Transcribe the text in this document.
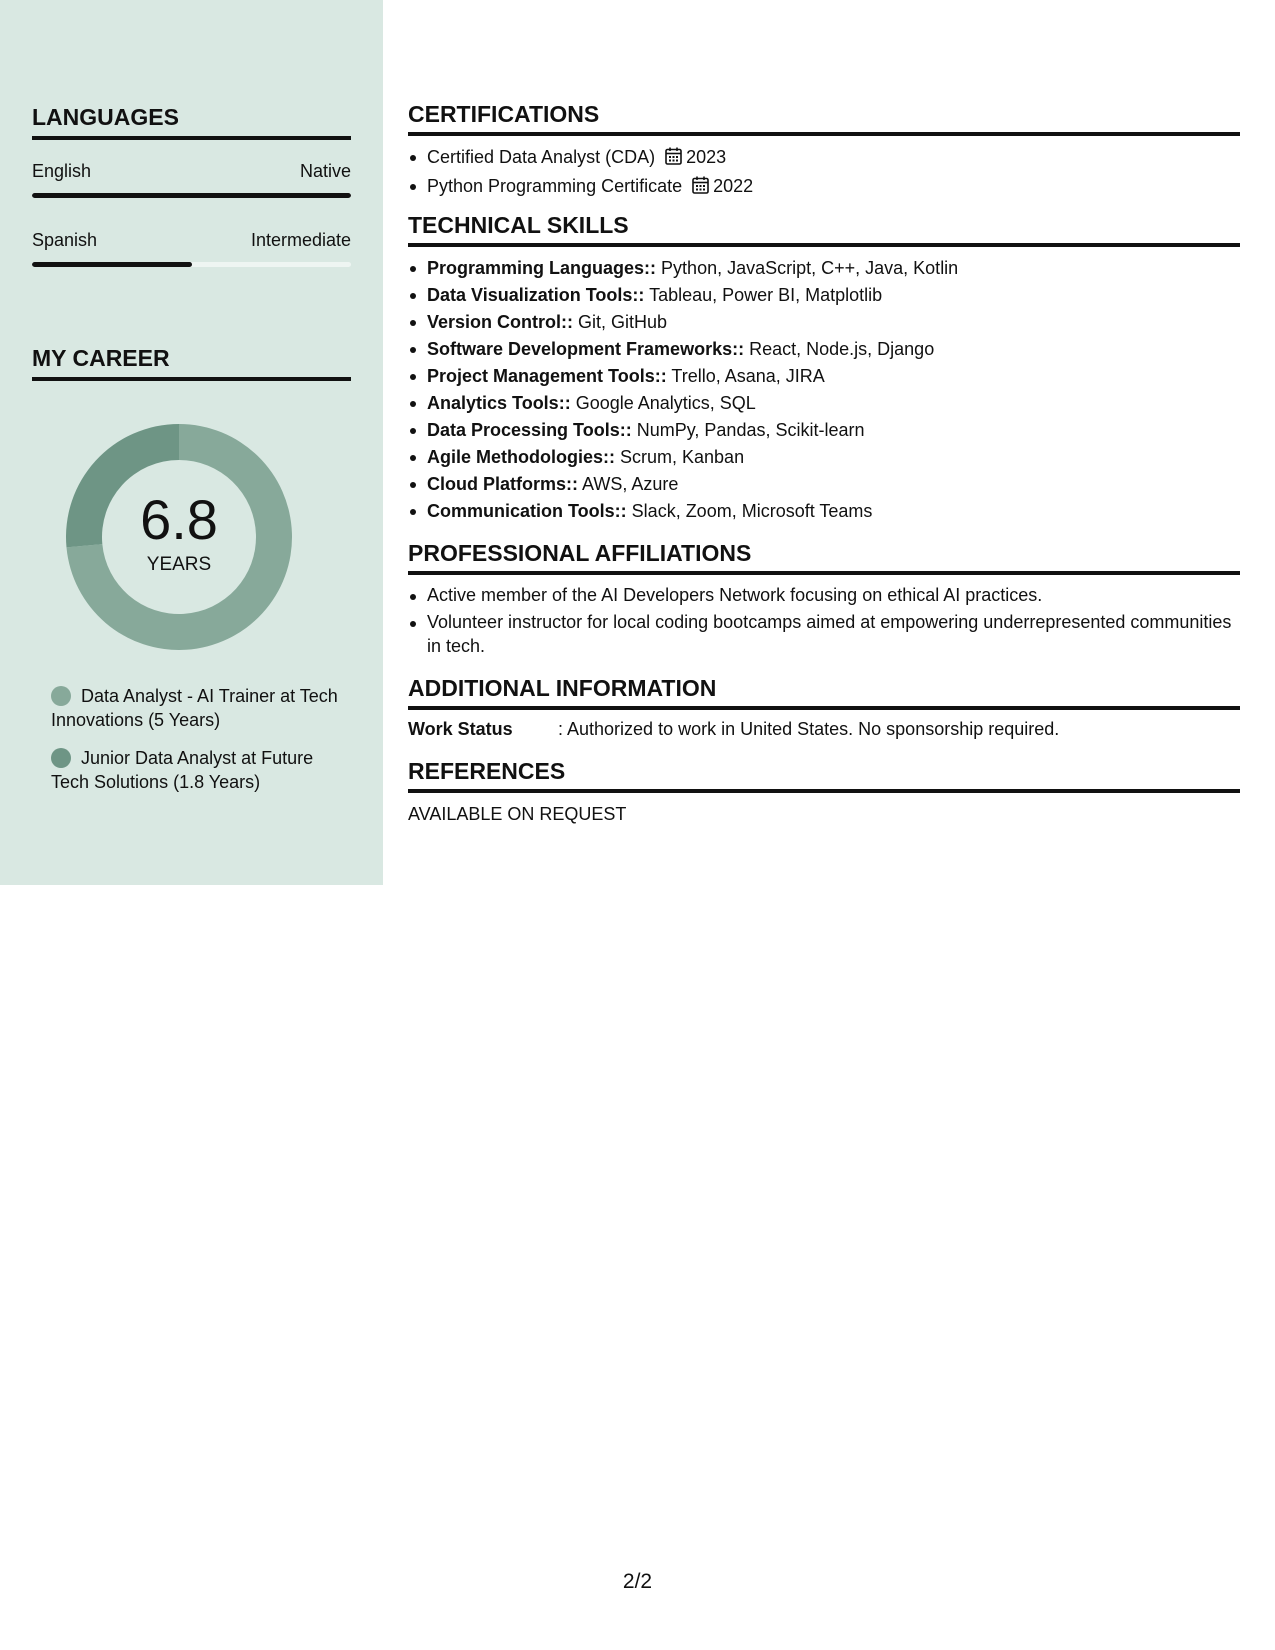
LANGUAGES
English	Native
Spanish	Intermediate
MY CAREER
6.8
YEARS
Data Analyst - AI Trainer at Tech Innovations (5 Years)
Junior Data Analyst at Future Tech Solutions (1.8 Years)
CERTIFICATIONS
Certified Data Analyst (CDA) 2023
Python Programming Certificate 2022
TECHNICAL SKILLS
Programming Languages:: Python, JavaScript, C++, Java, Kotlin
Data Visualization Tools:: Tableau, Power BI, Matplotlib
Version Control:: Git, GitHub
Software Development Frameworks:: React, Node.js, Django
Project Management Tools:: Trello, Asana, JIRA
Analytics Tools:: Google Analytics, SQL
Data Processing Tools:: NumPy, Pandas, Scikit-learn
Agile Methodologies:: Scrum, Kanban
Cloud Platforms:: AWS, Azure
Communication Tools:: Slack, Zoom, Microsoft Teams
PROFESSIONAL AFFILIATIONS
Active member of the AI Developers Network focusing on ethical AI practices.
Volunteer instructor for local coding bootcamps aimed at empowering underrepresented communities in tech.
ADDITIONAL INFORMATION
Work Status	: Authorized to work in United States. No sponsorship required.
REFERENCES
AVAILABLE ON REQUEST
2/2
